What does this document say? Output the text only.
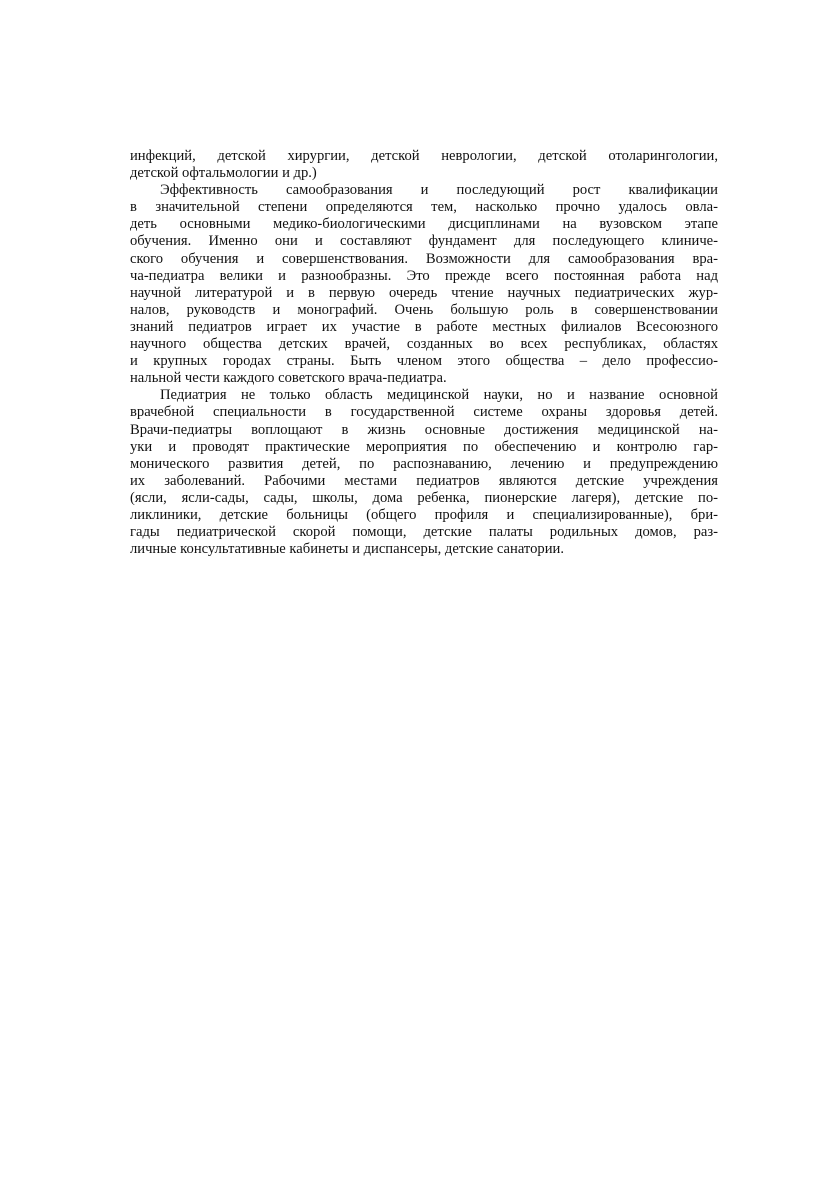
инфекций, детской хирургии, детской неврологии, детской отоларингологии,
детской офтальмологии и др.)
Эффективность самообразования и последующий рост квалификации
в значительной степени определяются тем, насколько прочно удалось овла-
деть основными медико-биологическими дисциплинами на вузовском этапе
обучения. Именно они и составляют фундамент для последующего клиниче-
ского обучения и совершенствования. Возможности для самообразования вра-
ча-педиатра велики и разнообразны. Это прежде всего постоянная работа над
научной литературой и в первую очередь чтение научных педиатрических жур-
налов, руководств и монографий. Очень большую роль в совершенствовании
знаний педиатров играет их участие в работе местных филиалов Всесоюзного
научного общества детских врачей, созданных во всех республиках, областях
и крупных городах страны. Быть членом этого общества – дело профессио-
нальной чести каждого советского врача-педиатра.
Педиатрия не только область медицинской науки, но и название основной
врачебной специальности в государственной системе охраны здоровья детей.
Врачи-педиатры воплощают в жизнь основные достижения медицинской на-
уки и проводят практические мероприятия по обеспечению и контролю гар-
монического развития детей, по распознаванию, лечению и предупреждению
их заболеваний. Рабочими местами педиатров являются детские учреждения
(ясли, ясли-сады, сады, школы, дома ребенка, пионерские лагеря), детские по-
ликлиники, детские больницы (общего профиля и специализированные), бри-
гады педиатрической скорой помощи, детские палаты родильных домов, раз-
личные консультативные кабинеты и диспансеры, детские санатории.
